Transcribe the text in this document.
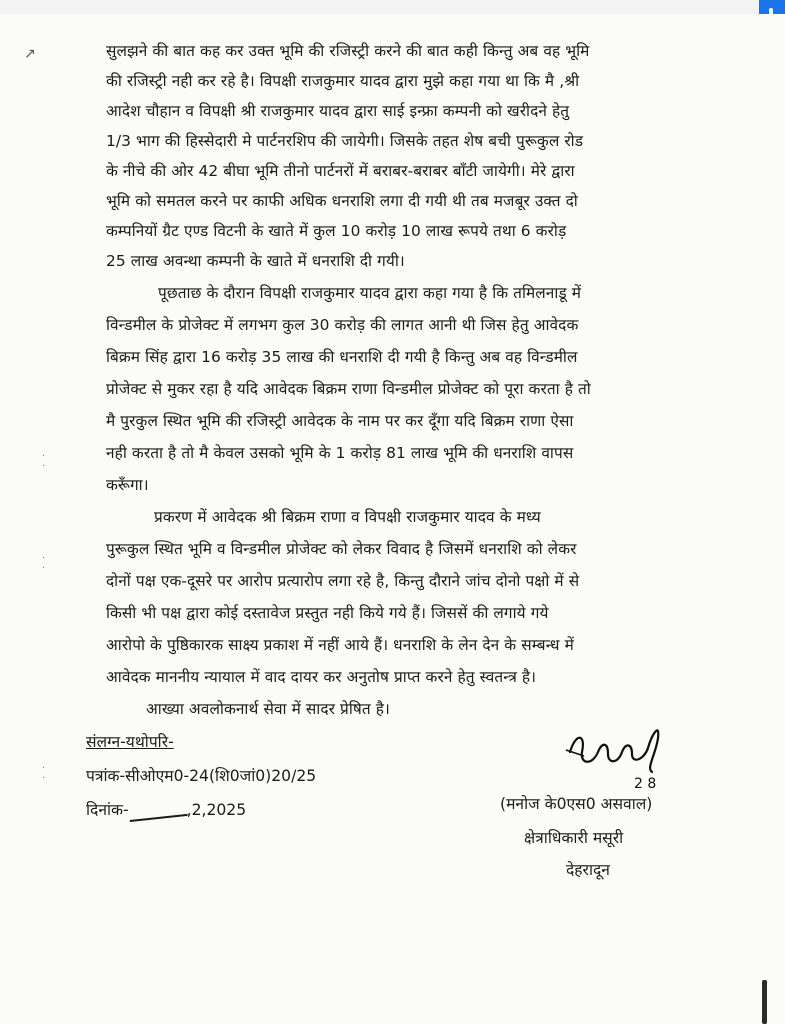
↗
·
·
·
·
·
·
सुलझने की बात कह कर उक्त भूमि की रजिस्ट्री करने की बात कही किन्तु अब वह भूमि
की रजिस्ट्री नही कर रहे है। विपक्षी राजकुमार यादव द्वारा मुझे कहा गया था कि मै ,श्री
आदेश चौहान व विपक्षी श्री राजकुमार यादव द्वारा साई इन्फ्रा कम्पनी को खरीदने हेतु
1/3 भाग की हिस्सेदारी मे पार्टनरशिप की जायेगी। जिसके तहत शेष बची पुरूकुल रोड
के नीचे की ओर 42 बीघा भूमि तीनो पार्टनरों में बराबर-बराबर बाँटी जायेगी। मेरे द्वारा
भूमि को समतल करने पर काफी अधिक धनराशि लगा दी गयी थी तब मजबूर उक्त दो
कम्पनियों ग्रैट एण्ड विटनी के खाते में कुल 10 करोड़ 10 लाख रूपये तथा 6 करोड़
25 लाख अवन्था कम्पनी के खाते में धनराशि दी गयी।
पूछताछ के दौरान विपक्षी राजकुमार यादव द्वारा कहा गया है कि तमिलनाडू में
विन्डमील के प्रोजेक्ट में लगभग कुल 30 करोड़ की लागत आनी थी जिस हेतु आवेदक
बिक्रम सिंह द्वारा 16 करोड़ 35 लाख की धनराशि दी गयी है किन्तु अब वह विन्डमील
प्रोजेक्ट से मुकर रहा है यदि आवेदक बिक्रम राणा विन्डमील प्रोजेक्ट को पूरा करता है तो
मै पुरकुल स्थित भूमि की रजिस्ट्री आवेदक के नाम पर कर दूँगा यदि बिक्रम राणा ऐसा
नही करता है तो मै केवल उसको भूमि के 1 करोड़ 81 लाख भूमि की धनराशि वापस
करूँगा।
प्रकरण में आवेदक श्री बिक्रम राणा व विपक्षी राजकुमार यादव के मध्य
पुरूकुल स्थित भूमि व विन्डमील प्रोजेक्ट को लेकर विवाद है जिसमें धनराशि को लेकर
दोनों पक्ष एक-दूसरे पर आरोप प्रत्यारोप लगा रहे है, किन्तु दौराने जांच दोनो पक्षो में से
किसी भी पक्ष द्वारा कोई दस्तावेज प्रस्तुत नही किये गये हैं। जिससें की लगाये गये
आरोपो के पुष्ठिकारक साक्ष्य प्रकाश में नहीं आये हैं। धनराशि के लेन देन के सम्बन्ध में
आवेदक माननीय न्यायाल में वाद दायर कर अनुतोष प्राप्त करने हेतु स्वतन्त्र है।
आख्या अवलोकनार्थ सेवा में सादर प्रेषित है।
संलग्न-यथोपरि-
पत्रांक-सीओएम0-24(शि0जां0)20/25
दिनांक-	,2,2025
2 8
(मनोज के0एस0 असवाल)
क्षेत्राधिकारी मसूरी
देहरादून
